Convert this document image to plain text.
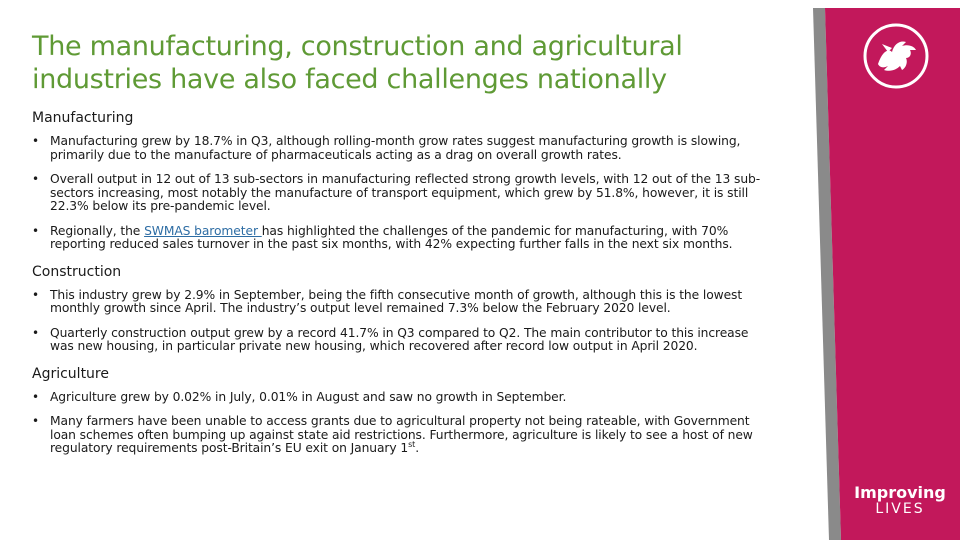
The manufacturing, construction and agricultural industries have also faced challenges nationally
Manufacturing
• Manufacturing grew by 18.7% in Q3, although rolling-month grow rates suggest manufacturing growth is slowing, primarily due to the manufacture of pharmaceuticals acting as a drag on overall growth rates.
• Overall output in 12 out of 13 sub-sectors in manufacturing reflected strong growth levels, with 12 out of the 13 sub-sectors increasing, most notably the manufacture of transport equipment, which grew by 51.8%, however, it is still 22.3% below its pre-pandemic level.
• Regionally, the SWMAS barometer has highlighted the challenges of the pandemic for manufacturing, with 70% reporting reduced sales turnover in the past six months, with 42% expecting further falls in the next six months.
Construction
• This industry grew by 2.9% in September, being the fifth consecutive month of growth, although this is the lowest monthly growth since April. The industry’s output level remained 7.3% below the February 2020 level.
• Quarterly construction output grew by a record 41.7% in Q3 compared to Q2. The main contributor to this increase was new housing, in particular private new housing, which recovered after record low output in April 2020.
Agriculture
• Agriculture grew by 0.02% in July, 0.01% in August and saw no growth in September.
• Many farmers have been unable to access grants due to agricultural property not being rateable, with Government loan schemes often bumping up against state aid restrictions. Furthermore, agriculture is likely to see a host of new regulatory requirements post-Britain’s EU exit on January 1st.
Improving
LIVES
